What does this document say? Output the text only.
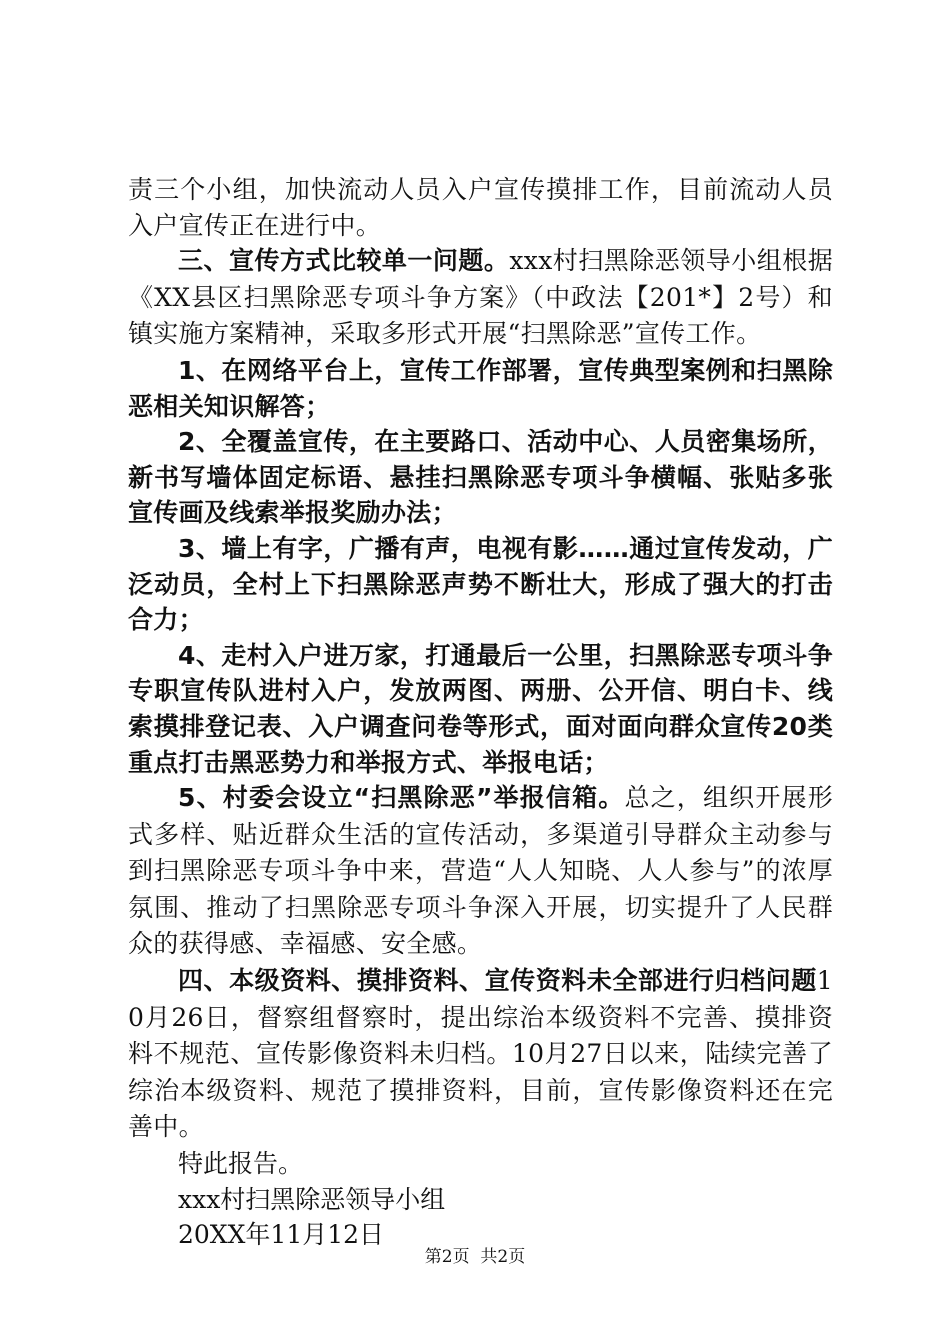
责三个小组，加快流动人员入户宣传摸排工作，目前流动人员入户宣传正在进行中。

三、宣传方式比较单一问题。xxx村扫黑除恶领导小组根据《XX县区扫黑除恶专项斗争方案》（中政法【201*】2号）和镇实施方案精神，采取多形式开展“扫黑除恶”宣传工作。

1、在网络平台上，宣传工作部署，宣传典型案例和扫黑除恶相关知识解答；

2、全覆盖宣传，在主要路口、活动中心、人员密集场所，新书写墙体固定标语、悬挂扫黑除恶专项斗争横幅、张贴多张宣传画及线索举报奖励办法；

3、墙上有字，广播有声，电视有影……通过宣传发动，广泛动员，全村上下扫黑除恶声势不断壮大，形成了强大的打击合力；

4、走村入户进万家，打通最后一公里，扫黑除恶专项斗争专职宣传队进村入户，发放两图、两册、公开信、明白卡、线索摸排登记表、入户调查问卷等形式，面对面向群众宣传20类重点打击黑恶势力和举报方式、举报电话；

5、村委会设立“扫黑除恶”举报信箱。总之，组织开展形式多样、贴近群众生活的宣传活动，多渠道引导群众主动参与到扫黑除恶专项斗争中来，营造“人人知晓、人人参与”的浓厚氛围、推动了扫黑除恶专项斗争深入开展，切实提升了人民群众的获得感、幸福感、安全感。

四、本级资料、摸排资料、宣传资料未全部进行归档问题10月26日，督察组督察时，提出综治本级资料不完善、摸排资料不规范、宣传影像资料未归档。10月27日以来，陆续完善了综治本级资料、规范了摸排资料，目前，宣传影像资料还在完善中。

特此报告。

xxx村扫黑除恶领导小组

20XX年11月12日

第2页  共2页
